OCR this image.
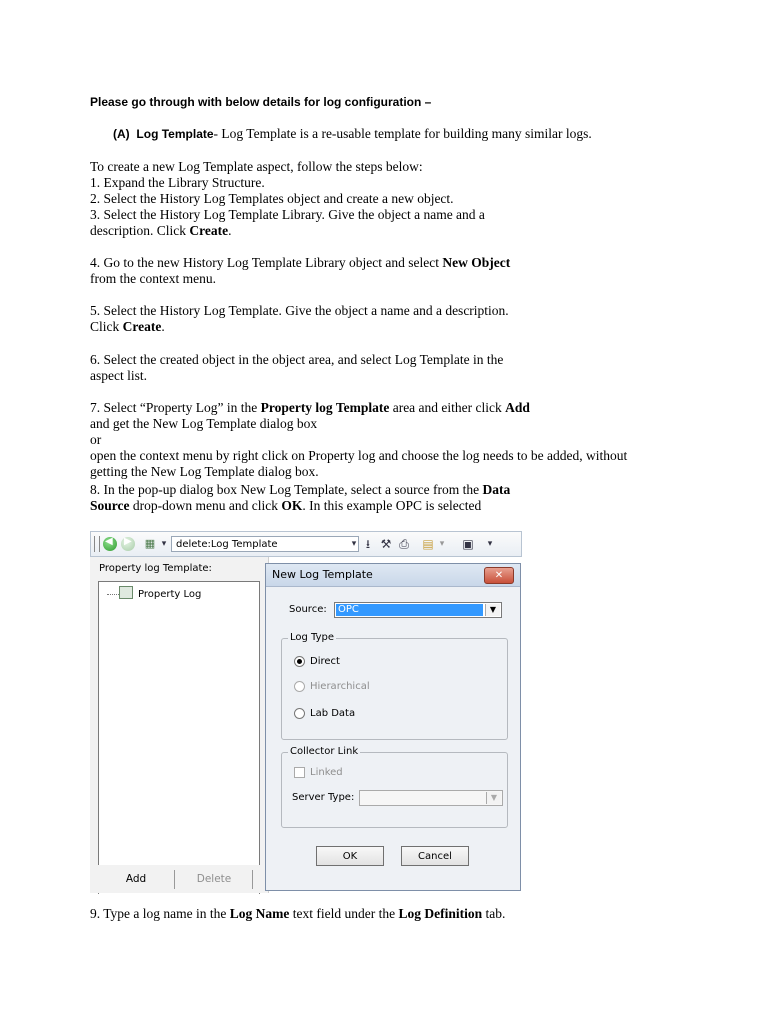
Please go through with below details for log configuration –
(A) Log Template- Log Template is a re-usable template for building many similar logs.
To create a new Log Template aspect, follow the steps below:
1. Expand the Library Structure.
2. Select the History Log Templates object and create a new object.
3. Select the History Log Template Library. Give the object a name and a
description. Click Create.
4. Go to the new History Log Template Library object and select New Object
from the context menu.
5. Select the History Log Template. Give the object a name and a description.
Click Create.
6. Select the created object in the object area, and select Log Template in the
aspect list.
7. Select “Property Log” in the Property log Template area and either click Add
and get the New Log Template dialog box
or
open the context menu by right click on Property log and choose the log needs to be added, without
getting the New Log Template dialog box.
8. In the pop-up dialog box New Log Template, select a source from the Data
Source drop-down menu and click OK. In this example OPC is selected
◀ ▶ ▦ ▾ delete:Log Template	▾ ⭳ ⚒ ⎙ ▤ ▾	▣	▾
Property log Template:
Property Log
Add	Delete
New Log Template	✕
Source: OPC	▼
Log Type
Direct
Hierarchical
Lab Data
Collector Link
Linked
Server Type:	▼
OK	Cancel
9. Type a log name in the Log Name text field under the Log Definition tab.
